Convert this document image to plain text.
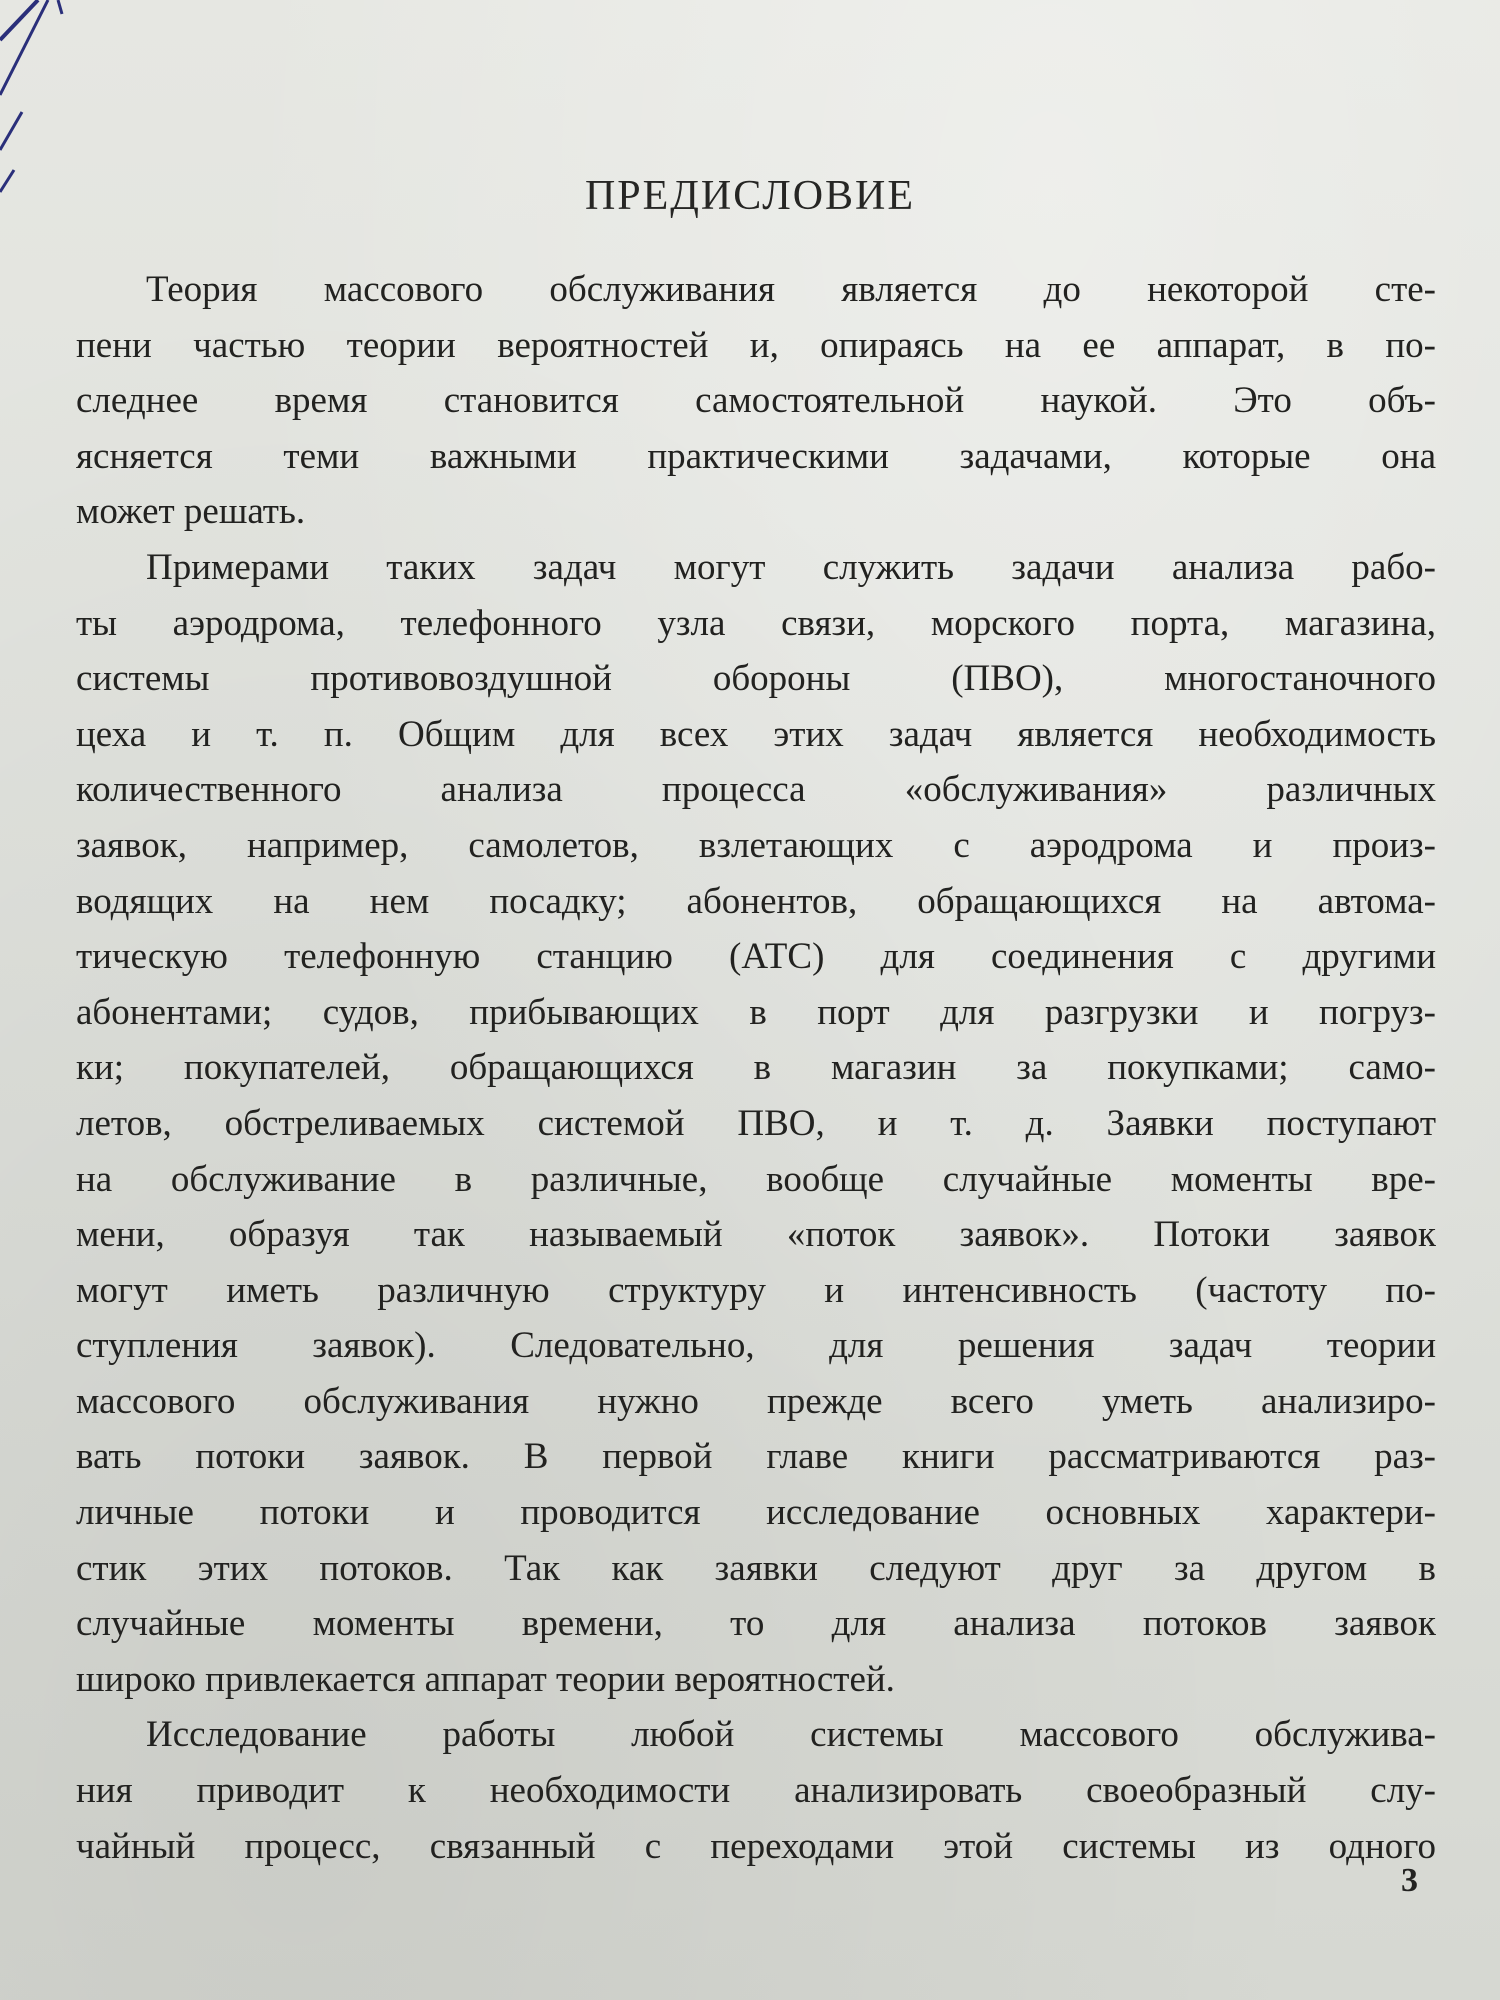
ПРЕДИСЛОВИЕ
Теория массового обслуживания является до некоторой сте-
пени частью теории вероятностей и, опираясь на ее аппарат, в по-
следнее время становится самостоятельной наукой. Это объ-
ясняется теми важными практическими задачами, которые она
может решать.
Примерами таких задач могут служить задачи анализа рабо-
ты аэродрома, телефонного узла связи, морского порта, магазина,
системы противовоздушной обороны (ПВО), многостаночного
цеха и т. п. Общим для всех этих задач является необходимость
количественного анализа процесса «обслуживания» различных
заявок, например, самолетов, взлетающих с аэродрома и произ-
водящих на нем посадку; абонентов, обращающихся на автома-
тическую телефонную станцию (АТС) для соединения с другими
абонентами; судов, прибывающих в порт для разгрузки и погруз-
ки; покупателей, обращающихся в магазин за покупками; само-
летов, обстреливаемых системой ПВО, и т. д. Заявки поступают
на обслуживание в различные, вообще случайные моменты вре-
мени, образуя так называемый «поток заявок». Потоки заявок
могут иметь различную структуру и интенсивность (частоту по-
ступления заявок). Следовательно, для решения задач теории
массового обслуживания нужно прежде всего уметь анализиро-
вать потоки заявок. В первой главе книги рассматриваются раз-
личные потоки и проводится исследование основных характери-
стик этих потоков. Так как заявки следуют друг за другом в
случайные моменты времени, то для анализа потоков заявок
широко привлекается аппарат теории вероятностей.
Исследование работы любой системы массового обслужива-
ния приводит к необходимости анализировать своеобразный слу-
чайный процесс, связанный с переходами этой системы из одного

3
